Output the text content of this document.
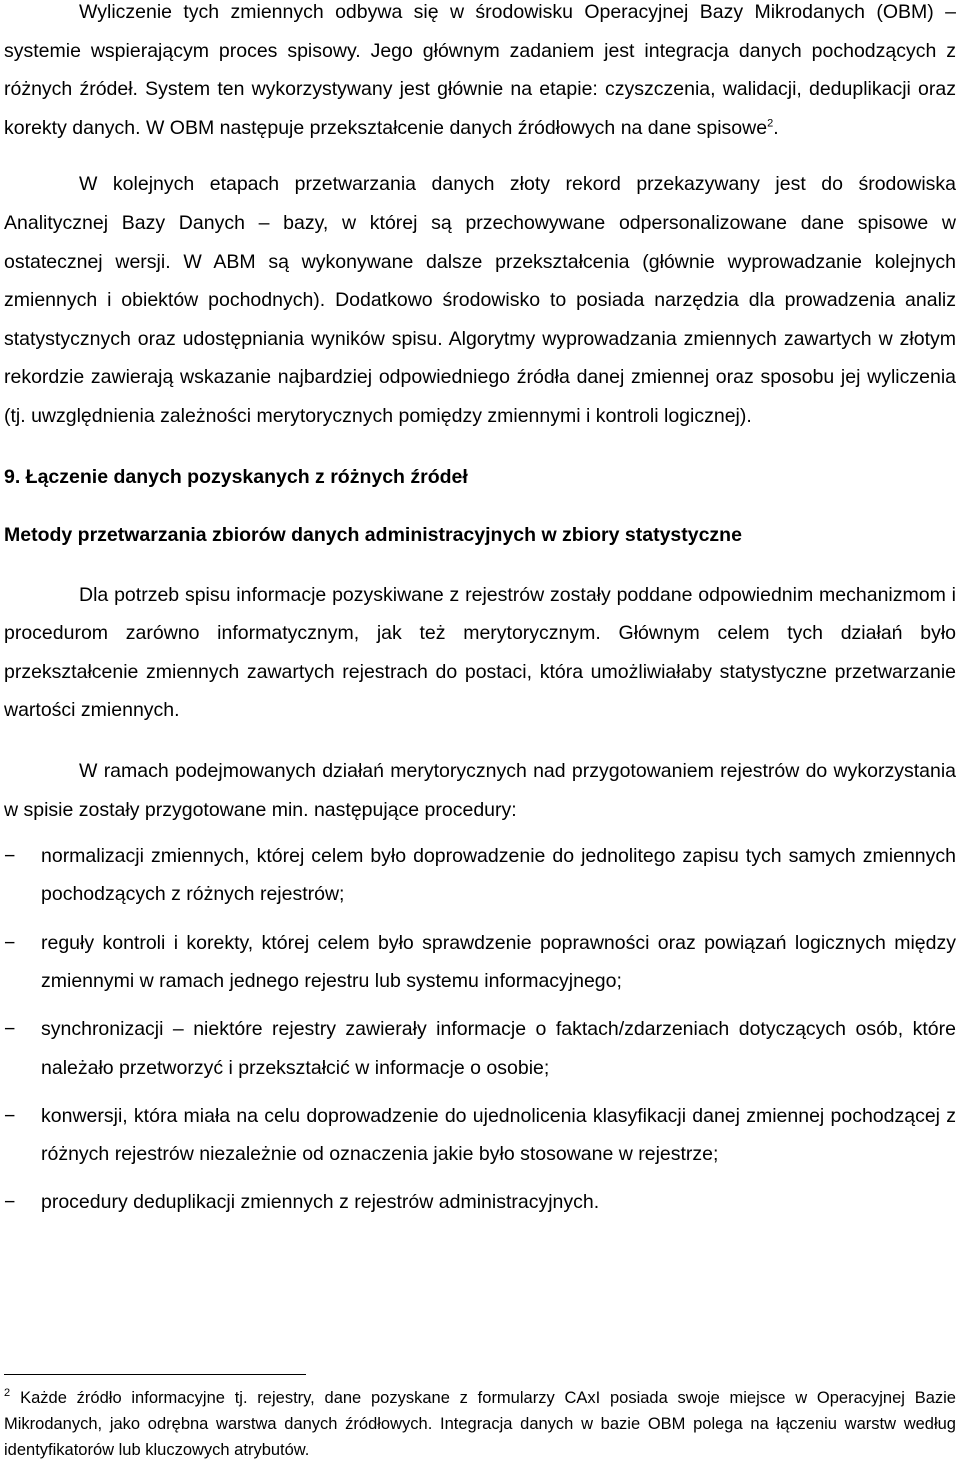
Wyliczenie tych zmiennych odbywa się w środowisku Operacyjnej Bazy Mikrodanych (OBM) – systemie wspierającym proces spisowy. Jego głównym zadaniem jest integracja danych pochodzących z różnych źródeł. System ten wykorzystywany jest głównie na etapie: czyszczenia, walidacji, deduplikacji oraz korekty danych. W OBM następuje przekształcenie danych źródłowych na dane spisowe$^2$.

W kolejnych etapach przetwarzania danych złoty rekord przekazywany jest do środowiska Analitycznej Bazy Danych – bazy, w której są przechowywane odpersonalizowane dane spisowe w ostatecznej wersji. W ABM są wykonywane dalsze przekształcenia (głównie wyprowadzanie kolejnych zmiennych i obiektów pochodnych). Dodatkowo środowisko to posiada narzędzia dla prowadzenia analiz statystycznych oraz udostępniania wyników spisu. Algorytmy wyprowadzania zmiennych zawartych w złotym rekordzie zawierają wskazanie najbardziej odpowiedniego źródła danej zmiennej oraz sposobu jej wyliczenia (tj. uwzględnienia zależności merytorycznych pomiędzy zmiennymi i kontroli logicznej).

9. Łączenie danych pozyskanych z różnych źródeł
Metody przetwarzania zbiorów danych administracyjnych w zbiory statystyczne

Dla potrzeb spisu informacje pozyskiwane z rejestrów zostały poddane odpowiednim mechanizmom i procedurom zarówno informatycznym, jak też merytorycznym. Głównym celem tych działań było przekształcenie zmiennych zawartych rejestrach do postaci, która umożliwiałaby statystyczne przetwarzanie wartości zmiennych.

W ramach podejmowanych działań merytorycznych nad przygotowaniem rejestrów do wykorzystania w spisie zostały przygotowane min. następujące procedury:

− normalizacji zmiennych, której celem było doprowadzenie do jednolitego zapisu tych samych zmiennych pochodzących z różnych rejestrów;
− reguły kontroli i korekty, której celem było sprawdzenie poprawności oraz powiązań logicznych między zmiennymi w ramach jednego rejestru lub systemu informacyjnego;
− synchronizacji – niektóre rejestry zawierały informacje o faktach/zdarzeniach dotyczących osób, które należało przetworzyć i przekształcić w informacje o osobie;
− konwersji, która miała na celu doprowadzenie do ujednolicenia klasyfikacji danej zmiennej pochodzącej z różnych rejestrów niezależnie od oznaczenia jakie było stosowane w rejestrze;
− procedury deduplikacji zmiennych z rejestrów administracyjnych.

$^2$ Każde źródło informacyjne tj. rejestry, dane pozyskane z formularzy CAxI posiada swoje miejsce w Operacyjnej Bazie Mikrodanych, jako odrębna warstwa danych źródłowych. Integracja danych w bazie OBM polega na łączeniu warstw według identyfikatorów lub kluczowych atrybutów.
